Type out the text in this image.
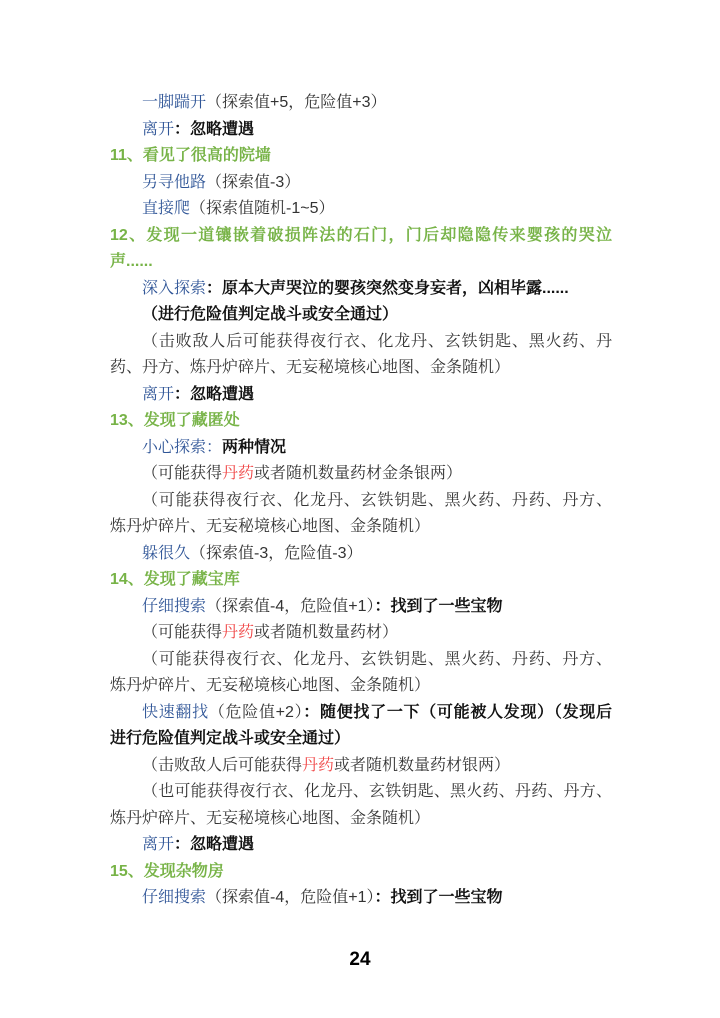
一脚踹开（探索值+5，危险值+3）
离开：忽略遭遇
11、看见了很高的院墙
另寻他路（探索值-3）
直接爬（探索值随机-1~5）
12、发现一道镶嵌着破损阵法的石门，门后却隐隐传来婴孩的哭泣
声......
深入探索：原本大声哭泣的婴孩突然变身妄者，凶相毕露......
（进行危险值判定战斗或安全通过）
（击败敌人后可能获得夜行衣、化龙丹、玄铁钥匙、黑火药、丹
药、丹方、炼丹炉碎片、无妄秘境核心地图、金条随机）
离开：忽略遭遇
13、发现了藏匿处
小心探索：两种情况
（可能获得丹药或者随机数量药材金条银两）
（可能获得夜行衣、化龙丹、玄铁钥匙、黑火药、丹药、丹方、
炼丹炉碎片、无妄秘境核心地图、金条随机）
躲很久（探索值-3，危险值-3）
14、发现了藏宝库
仔细搜索（探索值-4，危险值+1）：找到了一些宝物
（可能获得丹药或者随机数量药材）
（可能获得夜行衣、化龙丹、玄铁钥匙、黑火药、丹药、丹方、
炼丹炉碎片、无妄秘境核心地图、金条随机）
快速翻找（危险值+2）：随便找了一下（可能被人发现）（发现后
进行危险值判定战斗或安全通过）
（击败敌人后可能获得丹药或者随机数量药材银两）
（也可能获得夜行衣、化龙丹、玄铁钥匙、黑火药、丹药、丹方、
炼丹炉碎片、无妄秘境核心地图、金条随机）
离开：忽略遭遇
15、发现杂物房
仔细搜索（探索值-4，危险值+1）：找到了一些宝物
24
